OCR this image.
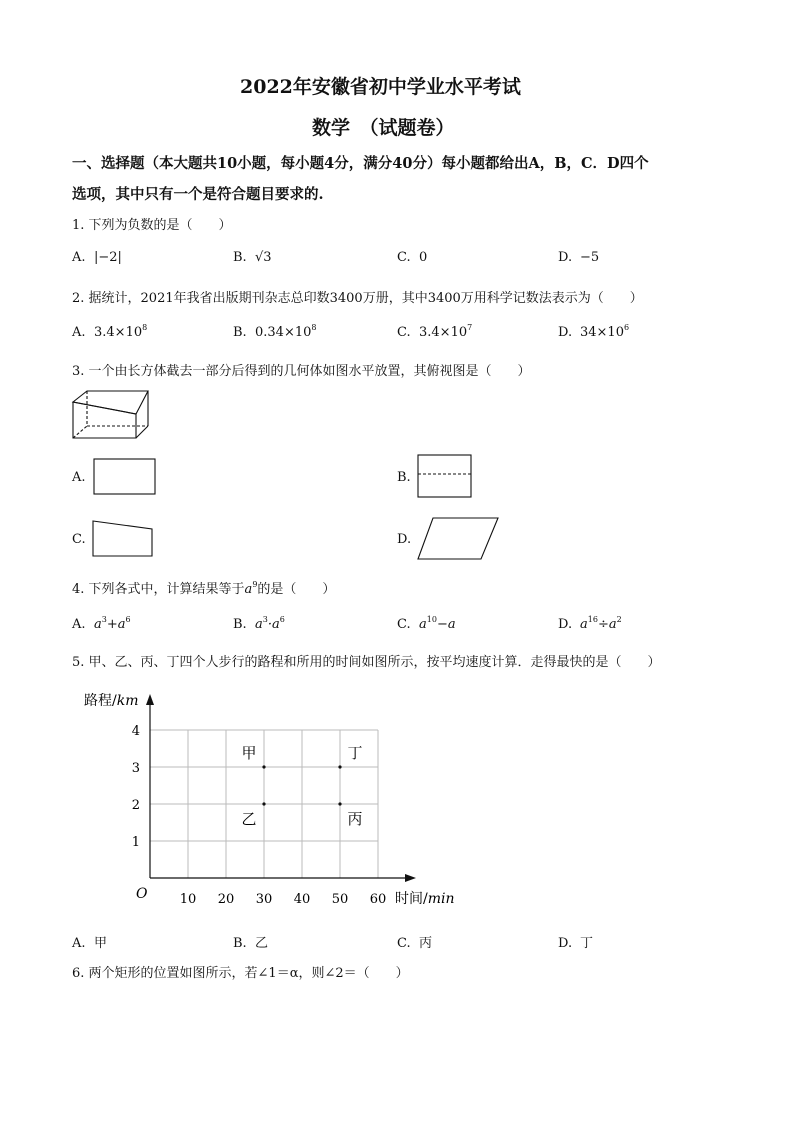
2022年安徽省初中学业水平考试
数学　（试题卷）
一、选择题（本大题共10小题，每小题4分，满分40分）每小题都给出A，B，C．D四个
选项，其中只有一个是符合题目要求的.
1. 下列为负数的是（　　）
A. |−2|	B. √3	C. 0	D. −5
2. 据统计，2021年我省出版期刊杂志总印数3400万册，其中3400万用科学记数法表示为（　　）
A. $3.4\times 10^8$	B. $0.34\times 10^8$	C. $3.4\times 10^7$	D. $34\times 10^6$
3. 一个由长方体截去一部分后得到的几何体如图水平放置，其俯视图是（　　）
A.	B.
C.	D.
4. 下列各式中，计算结果等于$a^9$的是（　　）
A. $a^3+a^6$	B. $a^3\cdot a^6$	C. $a^{10}-a$	D. $a^{16}\div a^2$
5. 甲、乙、丙、丁四个人步行的路程和所用的时间如图所示，按平均速度计算．走得最快的是（　　）
10 20 30 40 50 60
1
2
3
4
甲
乙	丙
丁
路程/km
时间/min
O
A. 甲	B. 乙	C. 丙	D. 丁
6. 两个矩形的位置如图所示，若∠1＝α，则∠2＝（　　）
